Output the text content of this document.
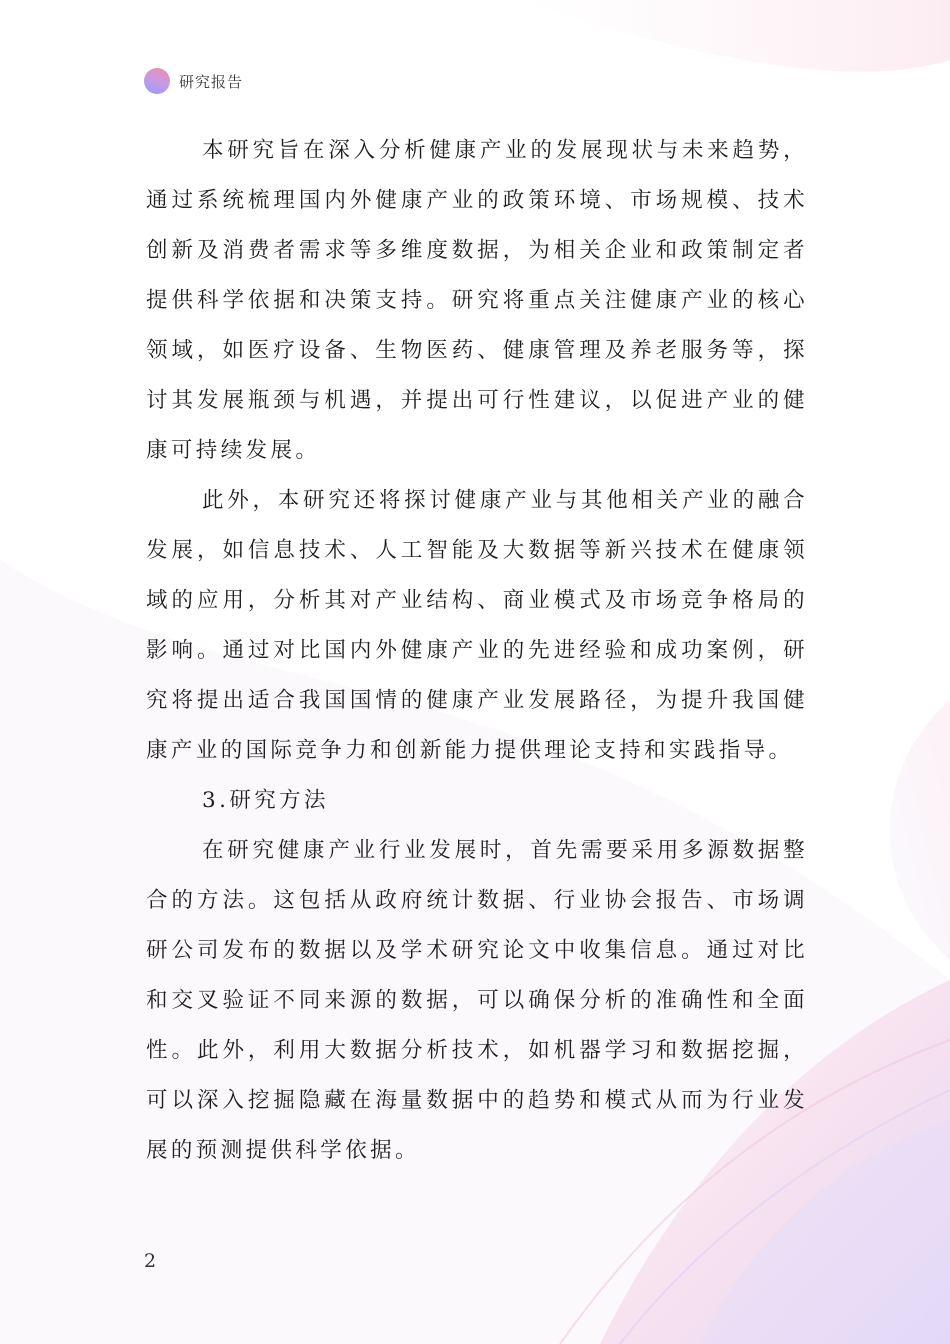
研究报告

本研究旨在深入分析健康产业的发展现状与未来趋势，通过系统梳理国内外健康产业的政策环境、市场规模、技术创新及消费者需求等多维度数据，为相关企业和政策制定者提供科学依据和决策支持。研究将重点关注健康产业的核心领域，如医疗设备、生物医药、健康管理及养老服务等，探讨其发展瓶颈与机遇，并提出可行性建议，以促进产业的健康可持续发展。

此外，本研究还将探讨健康产业与其他相关产业的融合发展，如信息技术、人工智能及大数据等新兴技术在健康领域的应用，分析其对产业结构、商业模式及市场竞争格局的影响。通过对比国内外健康产业的先进经验和成功案例，研究将提出适合我国国情的健康产业发展路径，为提升我国健康产业的国际竞争力和创新能力提供理论支持和实践指导。

3.研究方法

在研究健康产业行业发展时，首先需要采用多源数据整合的方法。这包括从政府统计数据、行业协会报告、市场调研公司发布的数据以及学术研究论文中收集信息。通过对比和交叉验证不同来源的数据，可以确保分析的准确性和全面性。此外，利用大数据分析技术，如机器学习和数据挖掘，可以深入挖掘隐藏在海量数据中的趋势和模式从而为行业发展的预测提供科学依据。

2
